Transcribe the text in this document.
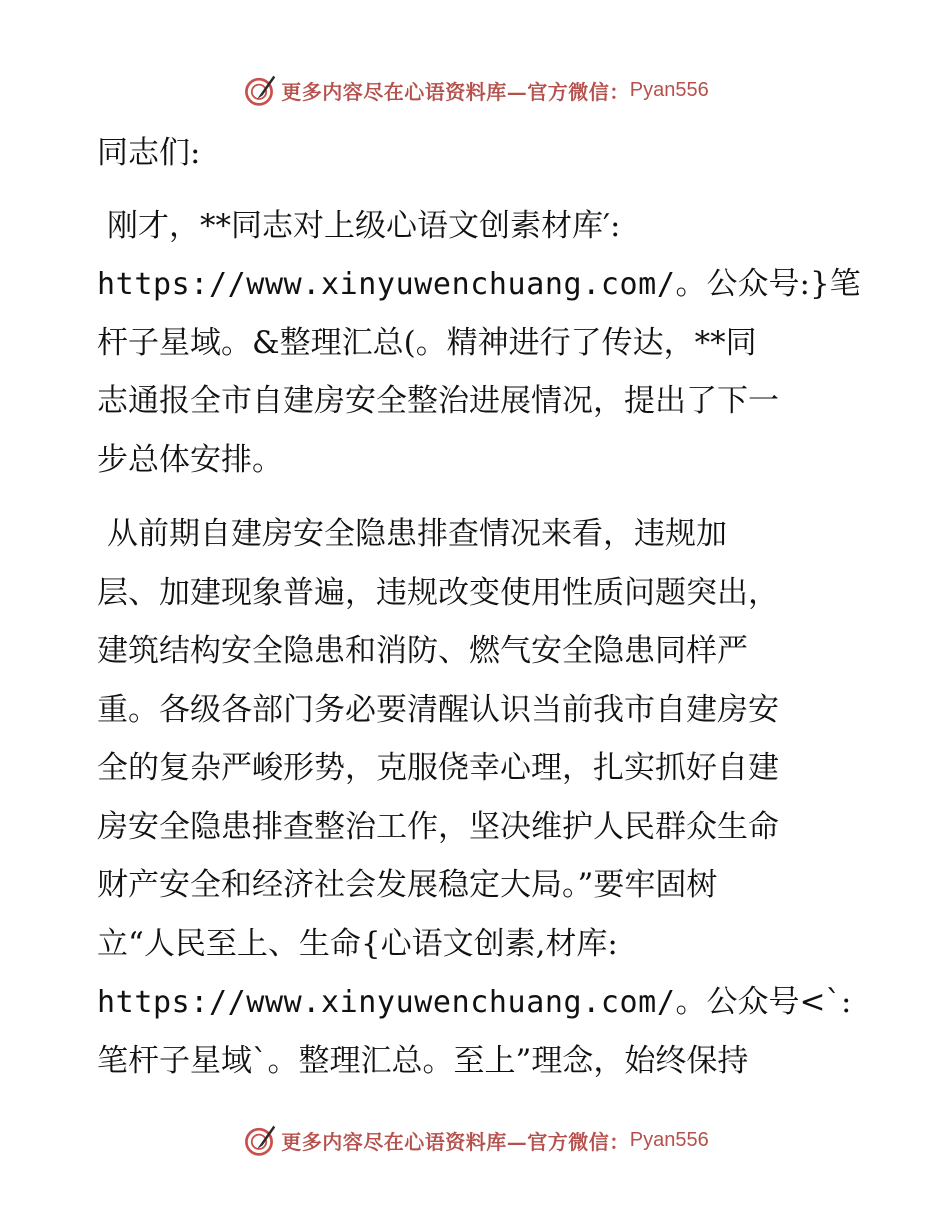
更多内容尽在心语资料库—官方微信： Pyan556

同志们:

刚才，**同志对上级心语文创素材库′:
https://www.xinyuwenchuang.com/。公众号:}笔
杆子星域。&整理汇总(。精神进行了传达，**同
志通报全市自建房安全整治进展情况，提出了下一
步总体安排。
从前期自建房安全隐患排查情况来看，违规加
层、加建现象普遍，违规改变使用性质问题突出，
建筑结构安全隐患和消防、燃气安全隐患同样严
重。各级各部门务必要清醒认识当前我市自建房安
全的复杂严峻形势，克服侥幸心理，扎实抓好自建
房安全隐患排查整治工作，坚决维护人民群众生命
财产安全和经济社会发展稳定大局。”要牢固树
立“人民至上、生命{心语文创素,材库:
https://www.xinyuwenchuang.com/。公众号<`:
笔杆子星域`。整理汇总。至上”理念，始终保持
更多内容尽在心语资料库—官方微信： Pyan556
